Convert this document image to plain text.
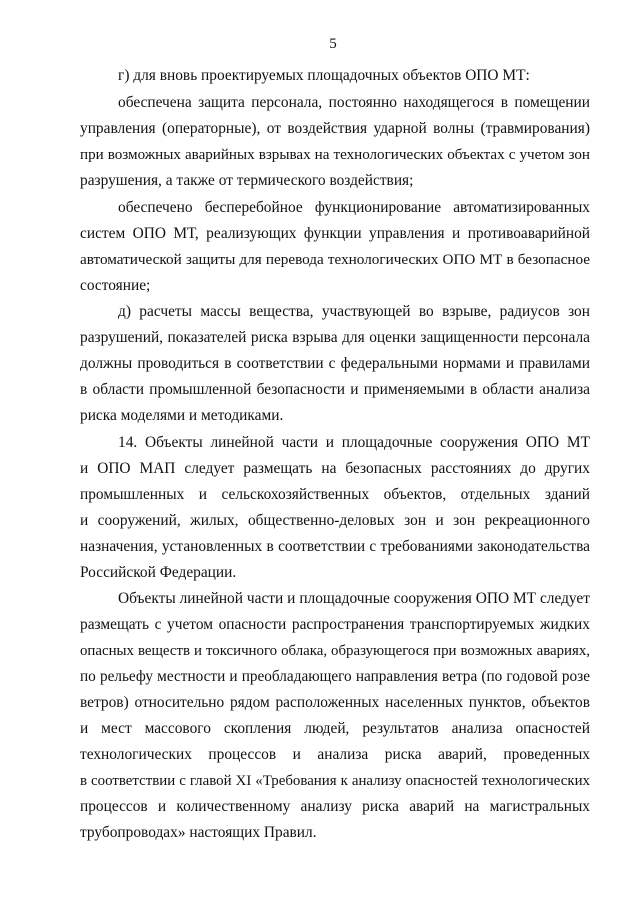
5
г) для вновь проектируемых площадочных объектов ОПО МТ:
обеспечена защита персонала, постоянно находящегося в помещении
управления (операторные), от воздействия ударной волны (травмирования)
при возможных аварийных взрывах на технологических объектах с учетом зон
разрушения, а также от термического воздействия;
обеспечено бесперебойное функционирование автоматизированных
систем ОПО МТ, реализующих функции управления и противоаварийной
автоматической защиты для перевода технологических ОПО МТ в безопасное
состояние;
д) расчеты массы вещества, участвующей во взрыве, радиусов зон
разрушений, показателей риска взрыва для оценки защищенности персонала
должны проводиться в соответствии с федеральными нормами и правилами
в области промышленной безопасности и применяемыми в области анализа
риска моделями и методиками.
14. Объекты линейной части и площадочные сооружения ОПО МТ
и ОПО МАП следует размещать на безопасных расстояниях до других
промышленных и сельскохозяйственных объектов, отдельных зданий
и сооружений, жилых, общественно-деловых зон и зон рекреационного
назначения, установленных в соответствии с требованиями законодательства
Российской Федерации.
Объекты линейной части и площадочные сооружения ОПО МТ следует
размещать с учетом опасности распространения транспортируемых жидких
опасных веществ и токсичного облака, образующегося при возможных авариях,
по рельефу местности и преобладающего направления ветра (по годовой розе
ветров) относительно рядом расположенных населенных пунктов, объектов
и мест массового скопления людей, результатов анализа опасностей
технологических процессов и анализа риска аварий, проведенных
в соответствии с главой XI «Требования к анализу опасностей технологических
процессов и количественному анализу риска аварий на магистральных
трубопроводах» настоящих Правил.
